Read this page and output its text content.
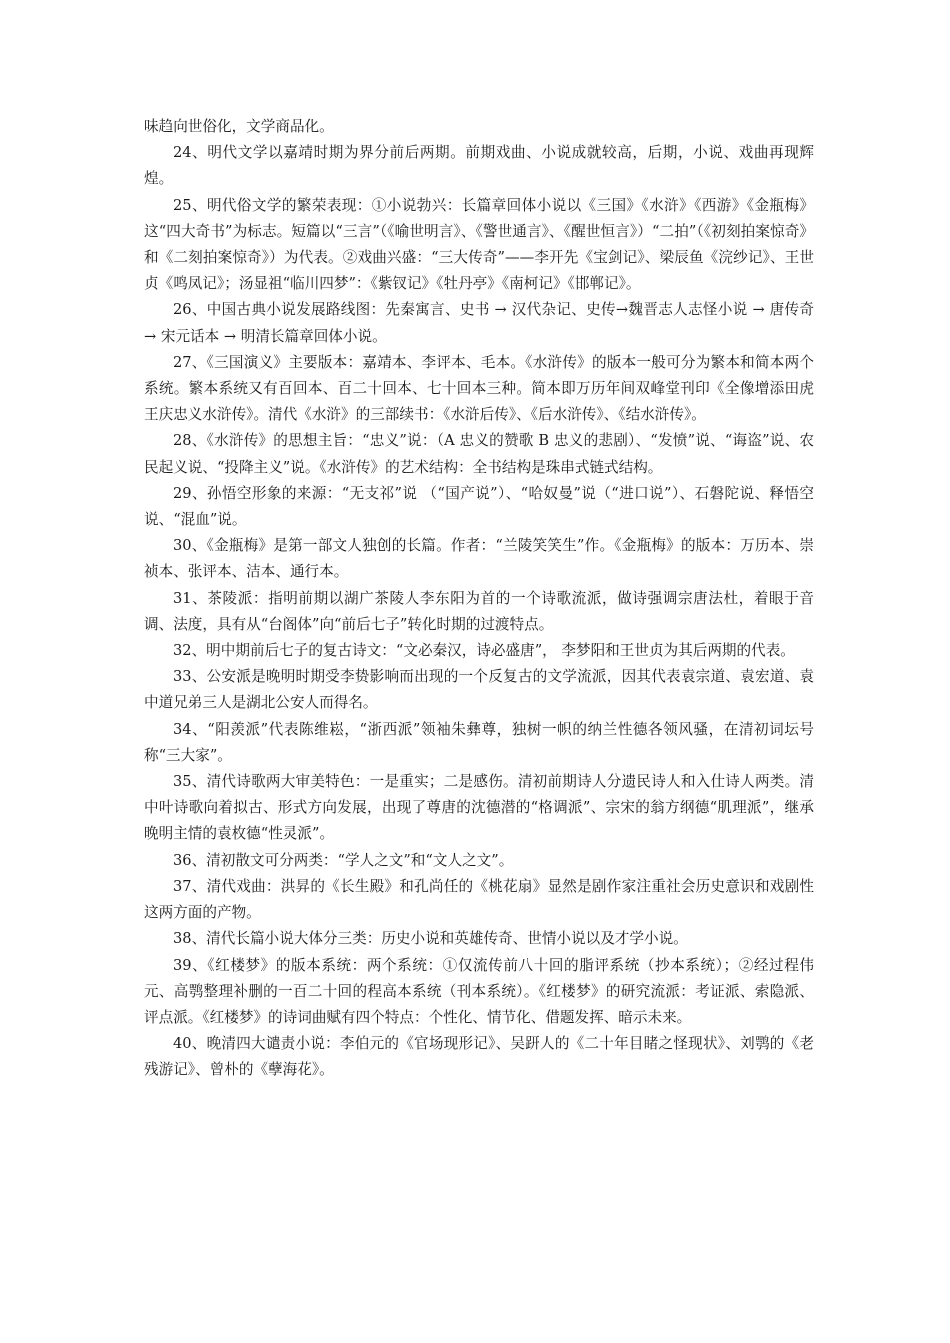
味趋向世俗化，文学商品化。

24、明代文学以嘉靖时期为界分前后两期。前期戏曲、小说成就较高，后期，小说、戏曲再现辉煌。

25、明代俗文学的繁荣表现：①小说勃兴：长篇章回体小说以《三国》《水浒》《西游》《金瓶梅》这“四大奇书”为标志。短篇以“三言”（《喻世明言》、《警世通言》、《醒世恒言》）“二拍”（《初刻拍案惊奇》和《二刻拍案惊奇》）为代表。②戏曲兴盛：“三大传奇”——李开先《宝剑记》、梁辰鱼《浣纱记》、王世贞《鸣凤记》；汤显祖“临川四梦”：《紫钗记》《牡丹亭》《南柯记》《邯郸记》。

26、中国古典小说发展路线图：先秦寓言、史书 → 汉代杂记、史传→魏晋志人志怪小说 → 唐传奇 → 宋元话本 → 明清长篇章回体小说。

27、《三国演义》主要版本：嘉靖本、李评本、毛本。《水浒传》的版本一般可分为繁本和简本两个系统。繁本系统又有百回本、百二十回本、七十回本三种。简本即万历年间双峰堂刊印《全像增添田虎王庆忠义水浒传》。清代《水浒》的三部续书：《水浒后传》、《后水浒传》、《结水浒传》。

28、《水浒传》的思想主旨：“忠义”说：（A 忠义的赞歌 B 忠义的悲剧）、“发愤”说、“诲盗”说、农民起义说、“投降主义”说。《水浒传》的艺术结构：全书结构是珠串式链式结构。

29、孙悟空形象的来源：“无支祁”说 （“国产说”）、“哈奴曼”说（“进口说”）、石磐陀说、释悟空说、“混血”说。

30、《金瓶梅》是第一部文人独创的长篇。作者：“兰陵笑笑生”作。《金瓶梅》的版本：万历本、崇祯本、张评本、洁本、通行本。

31、茶陵派：指明前期以湖广茶陵人李东阳为首的一个诗歌流派，做诗强调宗唐法杜，着眼于音调、法度，具有从“台阁体”向“前后七子”转化时期的过渡特点。

32、明中期前后七子的复古诗文：“文必秦汉，诗必盛唐”， 李梦阳和王世贞为其后两期的代表。

33、公安派是晚明时期受李贽影响而出现的一个反复古的文学流派，因其代表袁宗道、袁宏道、袁中道兄弟三人是湖北公安人而得名。

34、“阳羡派”代表陈维崧，“浙西派”领袖朱彝尊，独树一帜的纳兰性德各领风骚，在清初词坛号称“三大家”。

35、清代诗歌两大审美特色：一是重实；二是感伤。清初前期诗人分遗民诗人和入仕诗人两类。清中叶诗歌向着拟古、形式方向发展，出现了尊唐的沈德潜的“格调派”、宗宋的翁方纲德“肌理派”，继承晚明主情的袁枚德“性灵派”。

36、清初散文可分两类：“学人之文”和“文人之文”。

37、清代戏曲：洪昇的《长生殿》和孔尚任的《桃花扇》显然是剧作家注重社会历史意识和戏剧性这两方面的产物。

38、清代长篇小说大体分三类：历史小说和英雄传奇、世情小说以及才学小说。

39、《红楼梦》的版本系统：两个系统：①仅流传前八十回的脂评系统（抄本系统）；②经过程伟元、高鹗整理补删的一百二十回的程高本系统（刊本系统）。《红楼梦》的研究流派：考证派、索隐派、评点派。《红楼梦》的诗词曲赋有四个特点：个性化、情节化、借题发挥、暗示未来。

40、晚清四大谴责小说：李伯元的《官场现形记》、吴趼人的《二十年目睹之怪现状》、刘鹗的《老残游记》、曾朴的《孽海花》。
